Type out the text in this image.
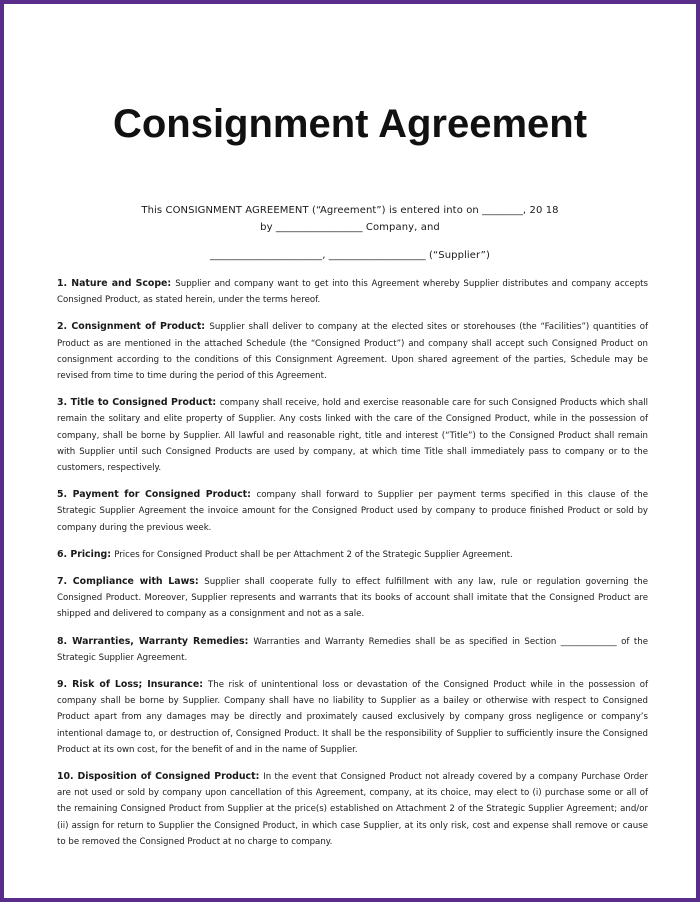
Consignment Agreement
This CONSIGNMENT AGREEMENT (“Agreement”) is entered into on ________, 20 18
by _________________ Company, and
______________________, ___________________ (“Supplier”)
1. Nature and Scope: Supplier and company want to get into this Agreement whereby Supplier distributes and company accepts Consigned Product, as stated herein, under the terms hereof.
2. Consignment of Product: Supplier shall deliver to company at the elected sites or storehouses (the “Facilities”) quantities of Product as are mentioned in the attached Schedule (the “Consigned Product”) and company shall accept such Consigned Product on consignment according to the conditions of this Consignment Agreement. Upon shared agreement of the parties, Schedule may be revised from time to time during the period of this Agreement.
3. Title to Consigned Product: company shall receive, hold and exercise reasonable care for such Consigned Products which shall remain the solitary and elite property of Supplier. Any costs linked with the care of the Consigned Product, while in the possession of company, shall be borne by Supplier. All lawful and reasonable right, title and interest (“Title”) to the Consigned Product shall remain with Supplier until such Consigned Products are used by company, at which time Title shall immediately pass to company or to the customers, respectively.
5. Payment for Consigned Product: company shall forward to Supplier per payment terms specified in this clause of the Strategic Supplier Agreement the invoice amount for the Consigned Product used by company to produce finished Product or sold by company during the previous week.
6. Pricing: Prices for Consigned Product shall be per Attachment 2 of the Strategic Supplier Agreement.
7. Compliance with Laws: Supplier shall cooperate fully to effect fulfillment with any law, rule or regulation governing the Consigned Product. Moreover, Supplier represents and warrants that its books of account shall imitate that the Consigned Product are shipped and delivered to company as a consignment and not as a sale.
8. Warranties, Warranty Remedies: Warranties and Warranty Remedies shall be as specified in Section _____________ of the Strategic Supplier Agreement.
9. Risk of Loss; Insurance: The risk of unintentional loss or devastation of the Consigned Product while in the possession of company shall be borne by Supplier. Company shall have no liability to Supplier as a bailey or otherwise with respect to Consigned Product apart from any damages may be directly and proximately caused exclusively by company gross negligence or company’s intentional damage to, or destruction of, Consigned Product. It shall be the responsibility of Supplier to sufficiently insure the Consigned Product at its own cost, for the benefit of and in the name of Supplier.
10. Disposition of Consigned Product: In the event that Consigned Product not already covered by a company Purchase Order are not used or sold by company upon cancellation of this Agreement, company, at its choice, may elect to (i) purchase some or all of the remaining Consigned Product from Supplier at the price(s) established on Attachment 2 of the Strategic Supplier Agreement; and/or (ii) assign for return to Supplier the Consigned Product, in which case Supplier, at its only risk, cost and expense shall remove or cause to be removed the Consigned Product at no charge to company.
